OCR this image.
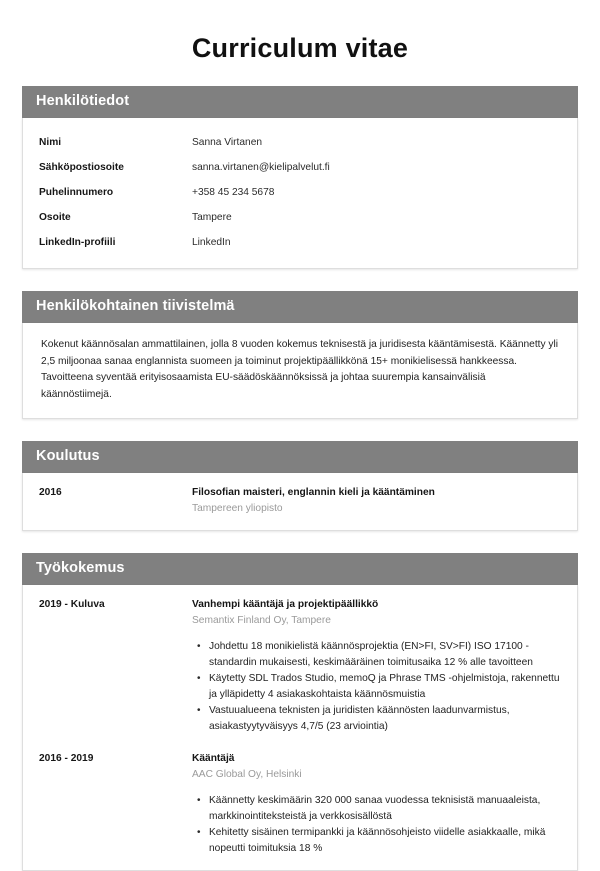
Curriculum vitae
Henkilötiedot
Nimi	Sanna Virtanen
Sähköpostiosoite	sanna.virtanen@kielipalvelut.fi
Puhelinnumero	+358 45 234 5678
Osoite	Tampere
LinkedIn-profiili	LinkedIn
Henkilökohtainen tiivistelmä

Kokenut käännösalan ammattilainen, jolla 8 vuoden kokemus teknisestä ja juridisesta kääntämisestä. Käännetty yli 2,5 miljoonaa sanaa englannista suomeen ja toiminut projektipäällikkönä 15+ monikielisessä hankkeessa. Tavoitteena syventää erityisosaamista EU-säädöskäännöksissä ja johtaa suurempia kansainvälisiä käännöstiimejä.

Koulutus
2016	Filosofian maisteri, englannin kieli ja kääntäminen
Tampereen yliopisto
Työkokemus
2019 - Kuluva	Vanhempi kääntäjä ja projektipäällikkö
Semantix Finland Oy, Tampere
• Johdettu 18 monikielistä käännösprojektia (EN>FI, SV>FI) ISO 17100 -standardin mukaisesti, keskimääräinen toimitusaika 12 % alle tavoitteen
• Käytetty SDL Trados Studio, memoQ ja Phrase TMS -ohjelmistoja, rakennettu ja ylläpidetty 4 asiakaskohtaista käännösmuistia
• Vastuualueena teknisten ja juridisten käännösten laadunvarmistus, asiakastyytyväisyys 4,7/5 (23 arviointia)
2016 - 2019	Kääntäjä
AAC Global Oy, Helsinki
• Käännetty keskimäärin 320 000 sanaa vuodessa teknisistä manuaaleista, markkinointiteksteistä ja verkkosisällöstä
• Kehitetty sisäinen termipankki ja käännösohjeisto viidelle asiakkaalle, mikä nopeutti toimituksia 18 %
